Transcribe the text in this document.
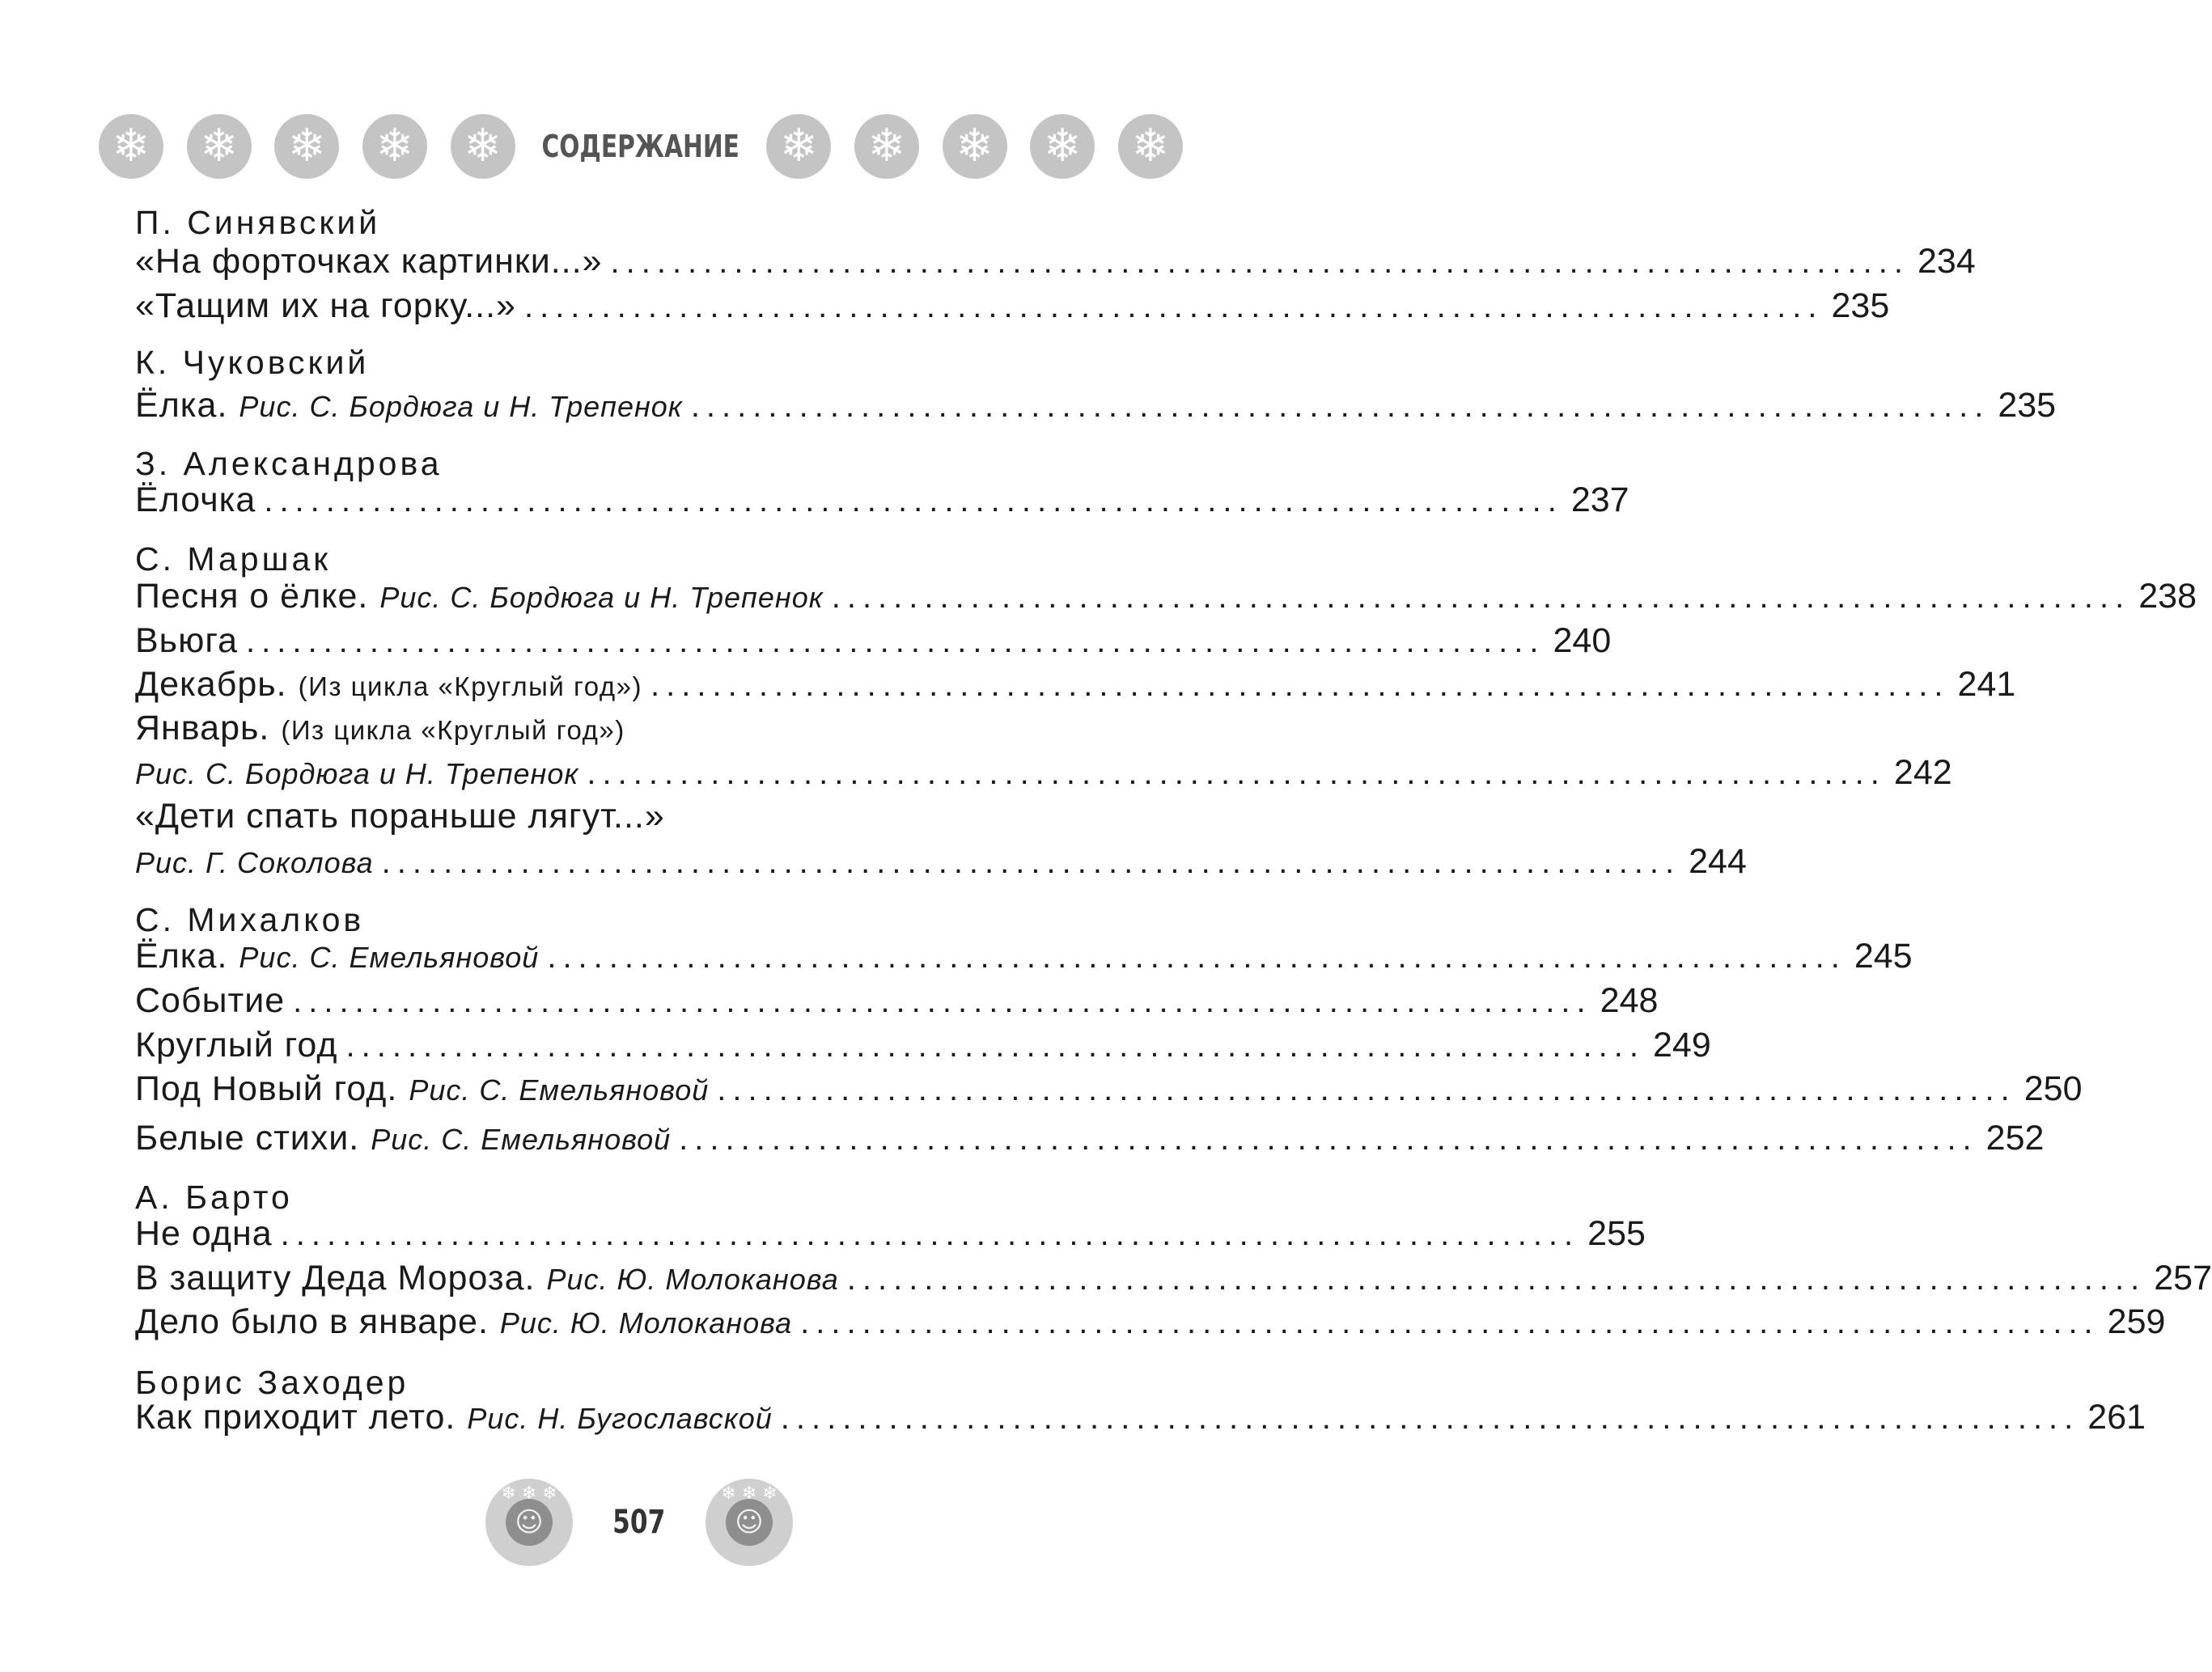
❄ ❄ ❄ ❄ ❄	СОДЕРЖАНИЕ ❄ ❄ ❄ ❄ ❄
П. Синявский
«На форточках картинки...» .................................................................................... 234
«Тащим их на горку...» .................................................................................... 235
К. Чуковский
Ёлка. Рис. С. Бордюга и Н. Трепенок .................................................................................... 235
З. Александрова
Ёлочка .................................................................................... 237
С. Маршак
Песня о ёлке. Рис. С. Бордюга и Н. Трепенок .................................................................................... 238
Вьюга .................................................................................... 240
Декабрь. (Из цикла «Круглый год») .................................................................................... 241
Январь. (Из цикла «Круглый год»)
Рис. С. Бордюга и Н. Трепенок .................................................................................... 242
«Дети спать пораньше лягут...»
Рис. Г. Соколова .................................................................................... 244
С. Михалков
Ёлка. Рис. С. Емельяновой .................................................................................... 245
Событие .................................................................................... 248
Круглый год .................................................................................... 249
Под Новый год. Рис. С. Емельяновой .................................................................................... 250
Белые стихи. Рис. С. Емельяновой .................................................................................... 252
А. Барто
Не одна .................................................................................... 255
В защиту Деда Мороза. Рис. Ю. Молоканова .................................................................................... 257
Дело было в январе. Рис. Ю. Молоканова .................................................................................... 259
Борис Заходер
Как приходит лето. Рис. Н. Бугославской .................................................................................... 261
❄ ❄ ❄
☺ 507
❄ ❄ ❄
☺
